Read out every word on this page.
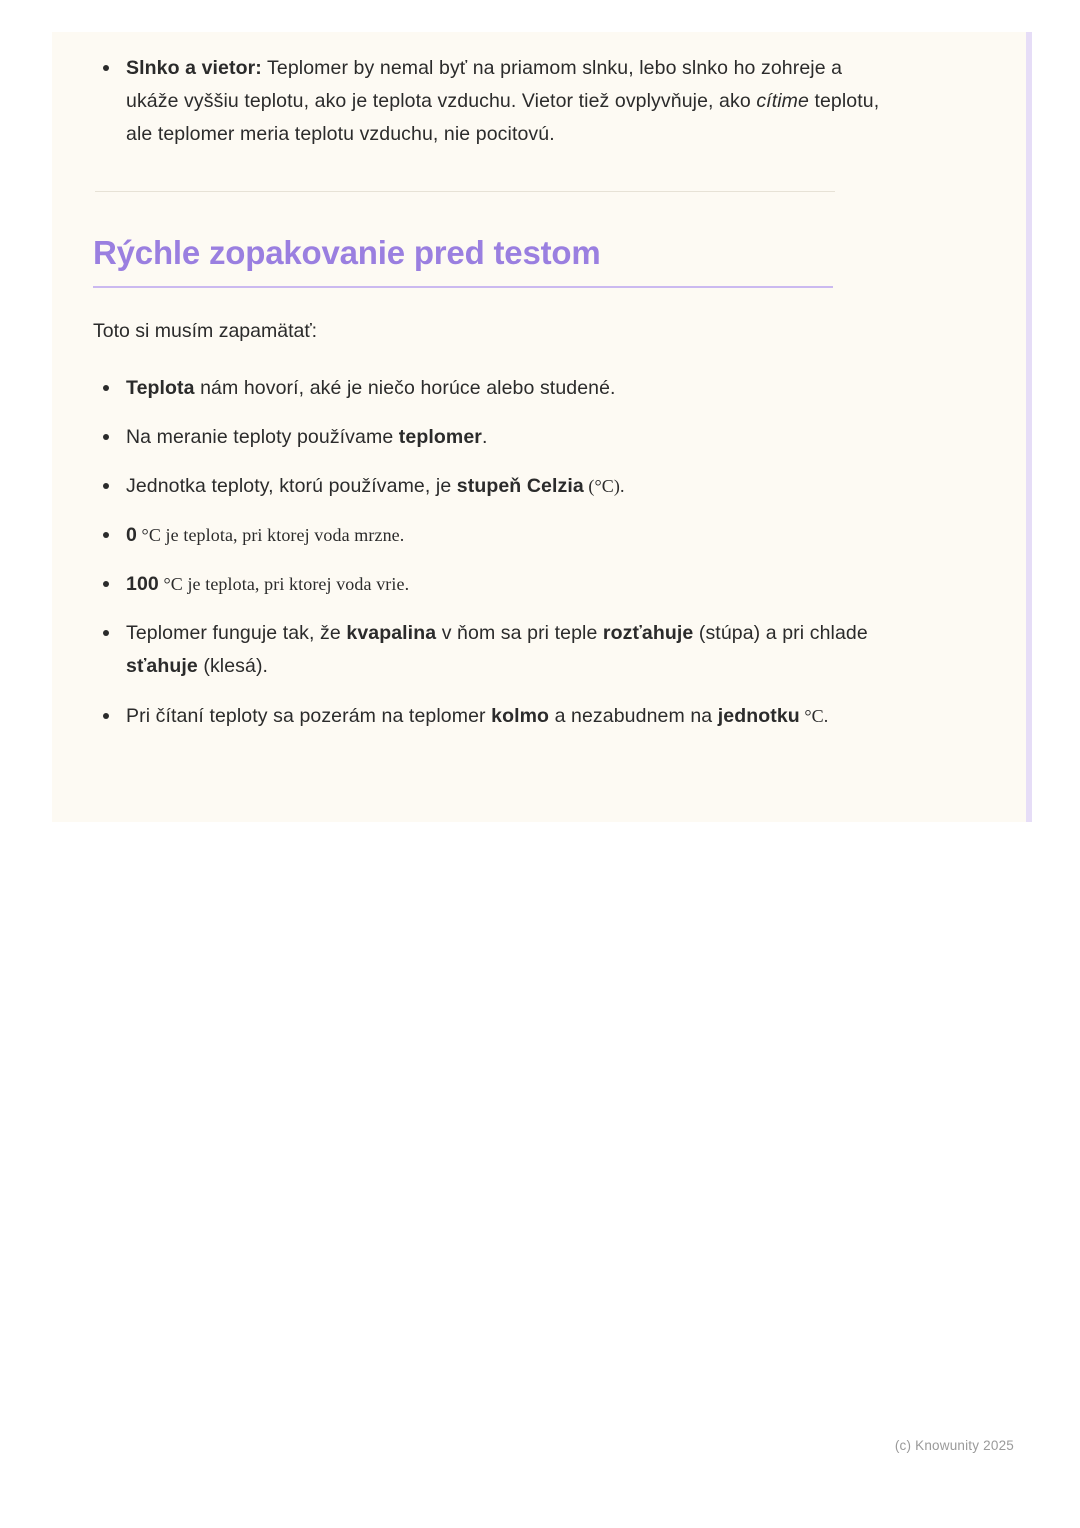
Slnko a vietor: Teplomer by nemal byť na priamom slnku, lebo slnko ho zohreje a ukáže vyššiu teplotu, ako je teplota vzduchu. Vietor tiež ovplyvňuje, ako cítime teplotu, ale teplomer meria teplotu vzduchu, nie pocitovú.
Rýchle zopakovanie pred testom

Toto si musím zapamätať:

Teplota nám hovorí, aké je niečo horúce alebo studené.
Na meranie teploty používame teplomer.
Jednotka teploty, ktorú používame, je stupeň Celzia (°C).
0 °C je teplota, pri ktorej voda mrzne.
100 °C je teplota, pri ktorej voda vrie.
Teplomer funguje tak, že kvapalina v ňom sa pri teple rozťahuje (stúpa) a pri chlade sťahuje (klesá).
Pri čítaní teploty sa pozerám na teplomer kolmo a nezabudnem na jednotku °C.
(c) Knowunity 2025
